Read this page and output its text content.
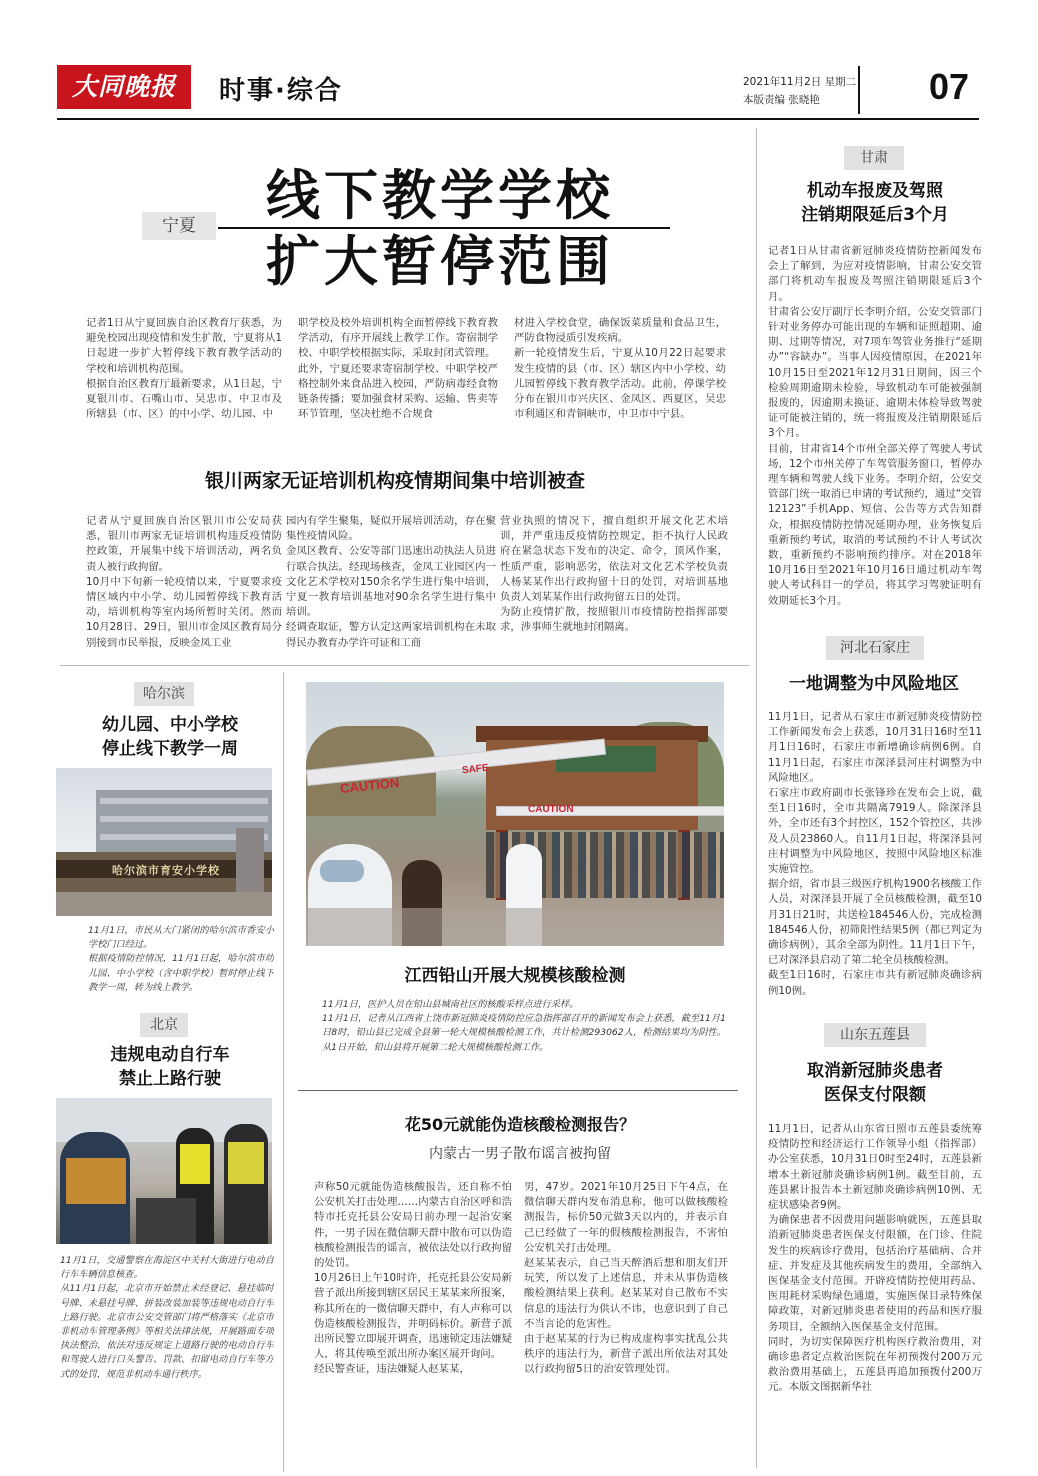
大同晚报	时事·综合	2021年11月2日 星期二
本版责编 张晓艳	07
宁夏	线下教学学校
扩大暂停范围
记者1日从宁夏回族自治区教育厅获悉，为避免校园出现疫情和发生扩散，宁夏将从1日起进一步扩大暂停线下教育教学活动的学校和培训机构范围。
根据自治区教育厅最新要求，从1日起，宁夏银川市、石嘴山市、吴忠市、中卫市及所辖县（市、区）的中小学、幼儿园、中
职学校及校外培训机构全面暂停线下教育教学活动，有序开展线上教学工作。寄宿制学校、中职学校根据实际，采取封闭式管理。
此外，宁夏还要求寄宿制学校、中职学校严格控制外来食品进入校园，严防病毒经食物链条传播；要加强食材采购、运输、售卖等环节管理，坚决杜绝不合规食
材进入学校食堂，确保饭菜质量和食品卫生，严防食物浸质引发疾病。
新一轮疫情发生后，宁夏从10月22日起要求发生疫情的县（市、区）辖区内中小学校、幼儿园暂停线下教育教学活动。此前，停课学校分布在银川市兴庆区、金凤区、西夏区，吴忠市利通区和青铜峡市，中卫市中宁县。
银川两家无证培训机构疫情期间集中培训被查
记者从宁夏回族自治区银川市公安局获悉，银川市两家无证培训机构违反疫情防控政策，开展集中线下培训活动，两名负责人被行政拘留。
10月中下旬新一轮疫情以来，宁夏要求疫情区域内中小学、幼儿园暂停线下教育活动，培训机构等室内场所暂时关闭。然而10月28日、29日，银川市金凤区教育局分别接到市民举报，反映金凤工业
园内有学生聚集，疑似开展培训活动，存在聚集性疫情风险。
金凤区教育、公安等部门迅速出动执法人员进行联合执法。经现场核查，金凤工业园区内一文化艺术学校对150余名学生进行集中培训，宁夏一教育培训基地对90余名学生进行集中培训。
经调查取证，警方认定这两家培训机构在未取得民办教育办学许可证和工商
营业执照的情况下，擅自组织开展文化艺术培训，并严重违反疫情防控规定，拒不执行人民政府在紧急状态下发布的决定、命令，顶风作案，性质严重，影响恶劣，依法对文化艺术学校负责人杨某某作出行政拘留十日的处罚，对培训基地负责人刘某某作出行政拘留五日的处罚。
为防止疫情扩散，按照银川市疫情防控指挥部要求，涉事师生就地封闭隔离。
甘肃
机动车报废及驾照
注销期限延后3个月
记者1日从甘肃省新冠肺炎疫情防控新闻发布会上了解到，为应对疫情影响，甘肃公安交管部门将机动车报废及驾照注销期限延后3个月。
甘肃省公安厅副厅长李明介绍，公安交管部门针对业务停办可能出现的车辆和证照超期、逾期、过期等情况，对7项车驾管业务推行“延期办”“容缺办”。当事人因疫情原因，在2021年10月15日至2021年12月31日期间，因三个检验周期逾期未检验，导致机动车可能被强制报废的，因逾期未换证、逾期未体检导致驾驶证可能被注销的，统一将报废及注销期限延后3个月。
目前，甘肃省14个市州全部关停了驾驶人考试场，12个市州关停了车驾管服务窗口，暂停办理车辆和驾驶人线下业务。李明介绍，公安交管部门统一取消已申请的考试预约，通过“交管12123”手机App、短信、公告等方式告知群众，根据疫情防控情况延期办理，业务恢复后重新预约考试，取消的考试预约不计人考试次数，重新预约不影响预约排序。对在2018年10月16日至2021年10月16日通过机动车驾驶人考试科目一的学员，将其学习驾驶证明有效期延长3个月。
河北石家庄
一地调整为中风险地区
11月1日，记者从石家庄市新冠肺炎疫情防控工作新闻发布会上获悉，10月31日16时至11月1日16时，石家庄市新增确诊病例6例。自11月1日起，石家庄市深泽县河庄村调整为中风险地区。
石家庄市政府副市长张锋珍在发布会上说，截至1日16时，全市共隔离7919人。除深泽县外，全市还有3个封控区，152个管控区，共涉及人员23860人。自11月1日起，将深泽县河庄村调整为中风险地区，按照中风险地区标准实施管控。
据介绍，省市县三级医疗机构1900名核酸工作人员，对深泽县开展了全员核酸检测，截至10月31日21时，共送检184546人份，完成检测184546人份，初筛阳性结果5例（都已判定为确诊病例），其余全部为阴性。11月1日下午，已对深泽县启动了第二轮全员核酸检测。
截至1日16时，石家庄市共有新冠肺炎确诊病例10例。
山东五莲县
取消新冠肺炎患者
医保支付限额
11月1日，记者从山东省日照市五莲县委统筹疫情防控和经济运行工作领导小组（指挥部）办公室获悉，10月31日0时至24时，五莲县新增本土新冠肺炎确诊病例1例。截至目前，五莲县累计报告本土新冠肺炎确诊病例10例、无症状感染者9例。
为确保患者不因费用问题影响就医，五莲县取消新冠肺炎患者医保支付限额，在门诊、住院发生的疾病诊疗费用，包括治疗基础病、合并症、并发症及其他疾病发生的费用，全部纳入医保基金支付范围。开辟疫情防控使用药品、医用耗材采购绿色通道，实施医保目录特殊保障政策，对新冠肺炎患者使用的药品和医疗服务项目，全额纳入医保基金支付范围。
同时，为切实保障医疗机构医疗救治费用，对确诊患者定点救治医院在年初预拨付200万元救治费用基础上，五莲县再追加预拨付200万元。本版文图据新华社
哈尔滨
幼儿园、中小学校
停止线下教学一周
哈尔滨市育安小学校
11月1日，市民从大门紧闭的哈尔滨市香安小学校门口经过。
根据疫情防控情况，11月1日起，哈尔滨市幼儿园、中小学校（含中职学校）暂时停止线下教学一周，转为线上教学。
北京
违规电动自行车
禁止上路行驶
11月1日，交通警察在海淀区中关村大街进行电动自行车车辆信息核查。
从11月1日起，北京市开始禁止未经登记、悬挂临时号牌、未悬挂号牌、拼装改装加装等违规电动自行车上路行驶。北京市公安交管部门将严格落实《北京市非机动车管理条例》等相关法律法规，开展路面专项执法整治，依法对违反规定上道路行驶的电动自行车和驾驶人进行口头警告、罚款、扣留电动自行车等方式的处罚，规范非机动车通行秩序。
CAUTION
SAFE
CAUTION
江西铅山开展大规模核酸检测
11月1日，医护人员在铅山县城南社区的核酸采样点进行采样。
11月1日，记者从江西省上饶市新冠肺炎疫情防控应急指挥部召开的新闻发布会上获悉，截至11月1日8时，铅山县已完成全县第一轮大规模核酸检测工作，共计检测293062人，检测结果均为阴性。从1日开始，铅山县将开展第二轮大规模核酸检测工作。
花50元就能伪造核酸检测报告？
内蒙古一男子散布谣言被拘留
声称50元就能伪造核酸报告，还自称不怕公安机关打击处理……内蒙古自治区呼和浩特市托克托县公安局日前办理一起治安案件，一男子因在微信聊天群中散布可以伪造核酸检测报告的谣言，被依法处以行政拘留的处罚。
10月26日上午10时许，托克托县公安局新营子派出所接到辖区居民王某某来所报案，称其所在的一微信聊天群中，有人声称可以伪造核酸检测报告，并明码标价。新营子派出所民警立即展开调查，迅速锁定违法嫌疑人，将其传唤至派出所办案区展开询问。
经民警查证，违法嫌疑人赵某某，
男，47岁。2021年10月25日下午4点，在微信聊天群内发布消息称，他可以做核酸检测报告，标价50元做3天以内的，并表示自己已经做了一年的假核酸检测报告，不害怕公安机关打击处理。
赵某某表示，自己当天醉酒后想和朋友们开玩笑，所以发了上述信息，并未从事伪造核酸检测结果上获利。赵某某对自己散布不实信息的违法行为供认不讳，也意识到了自己不当言论的危害性。
由于赵某某的行为已构成虚构事实扰乱公共秩序的违法行为，新营子派出所依法对其处以行政拘留5日的治安管理处罚。
